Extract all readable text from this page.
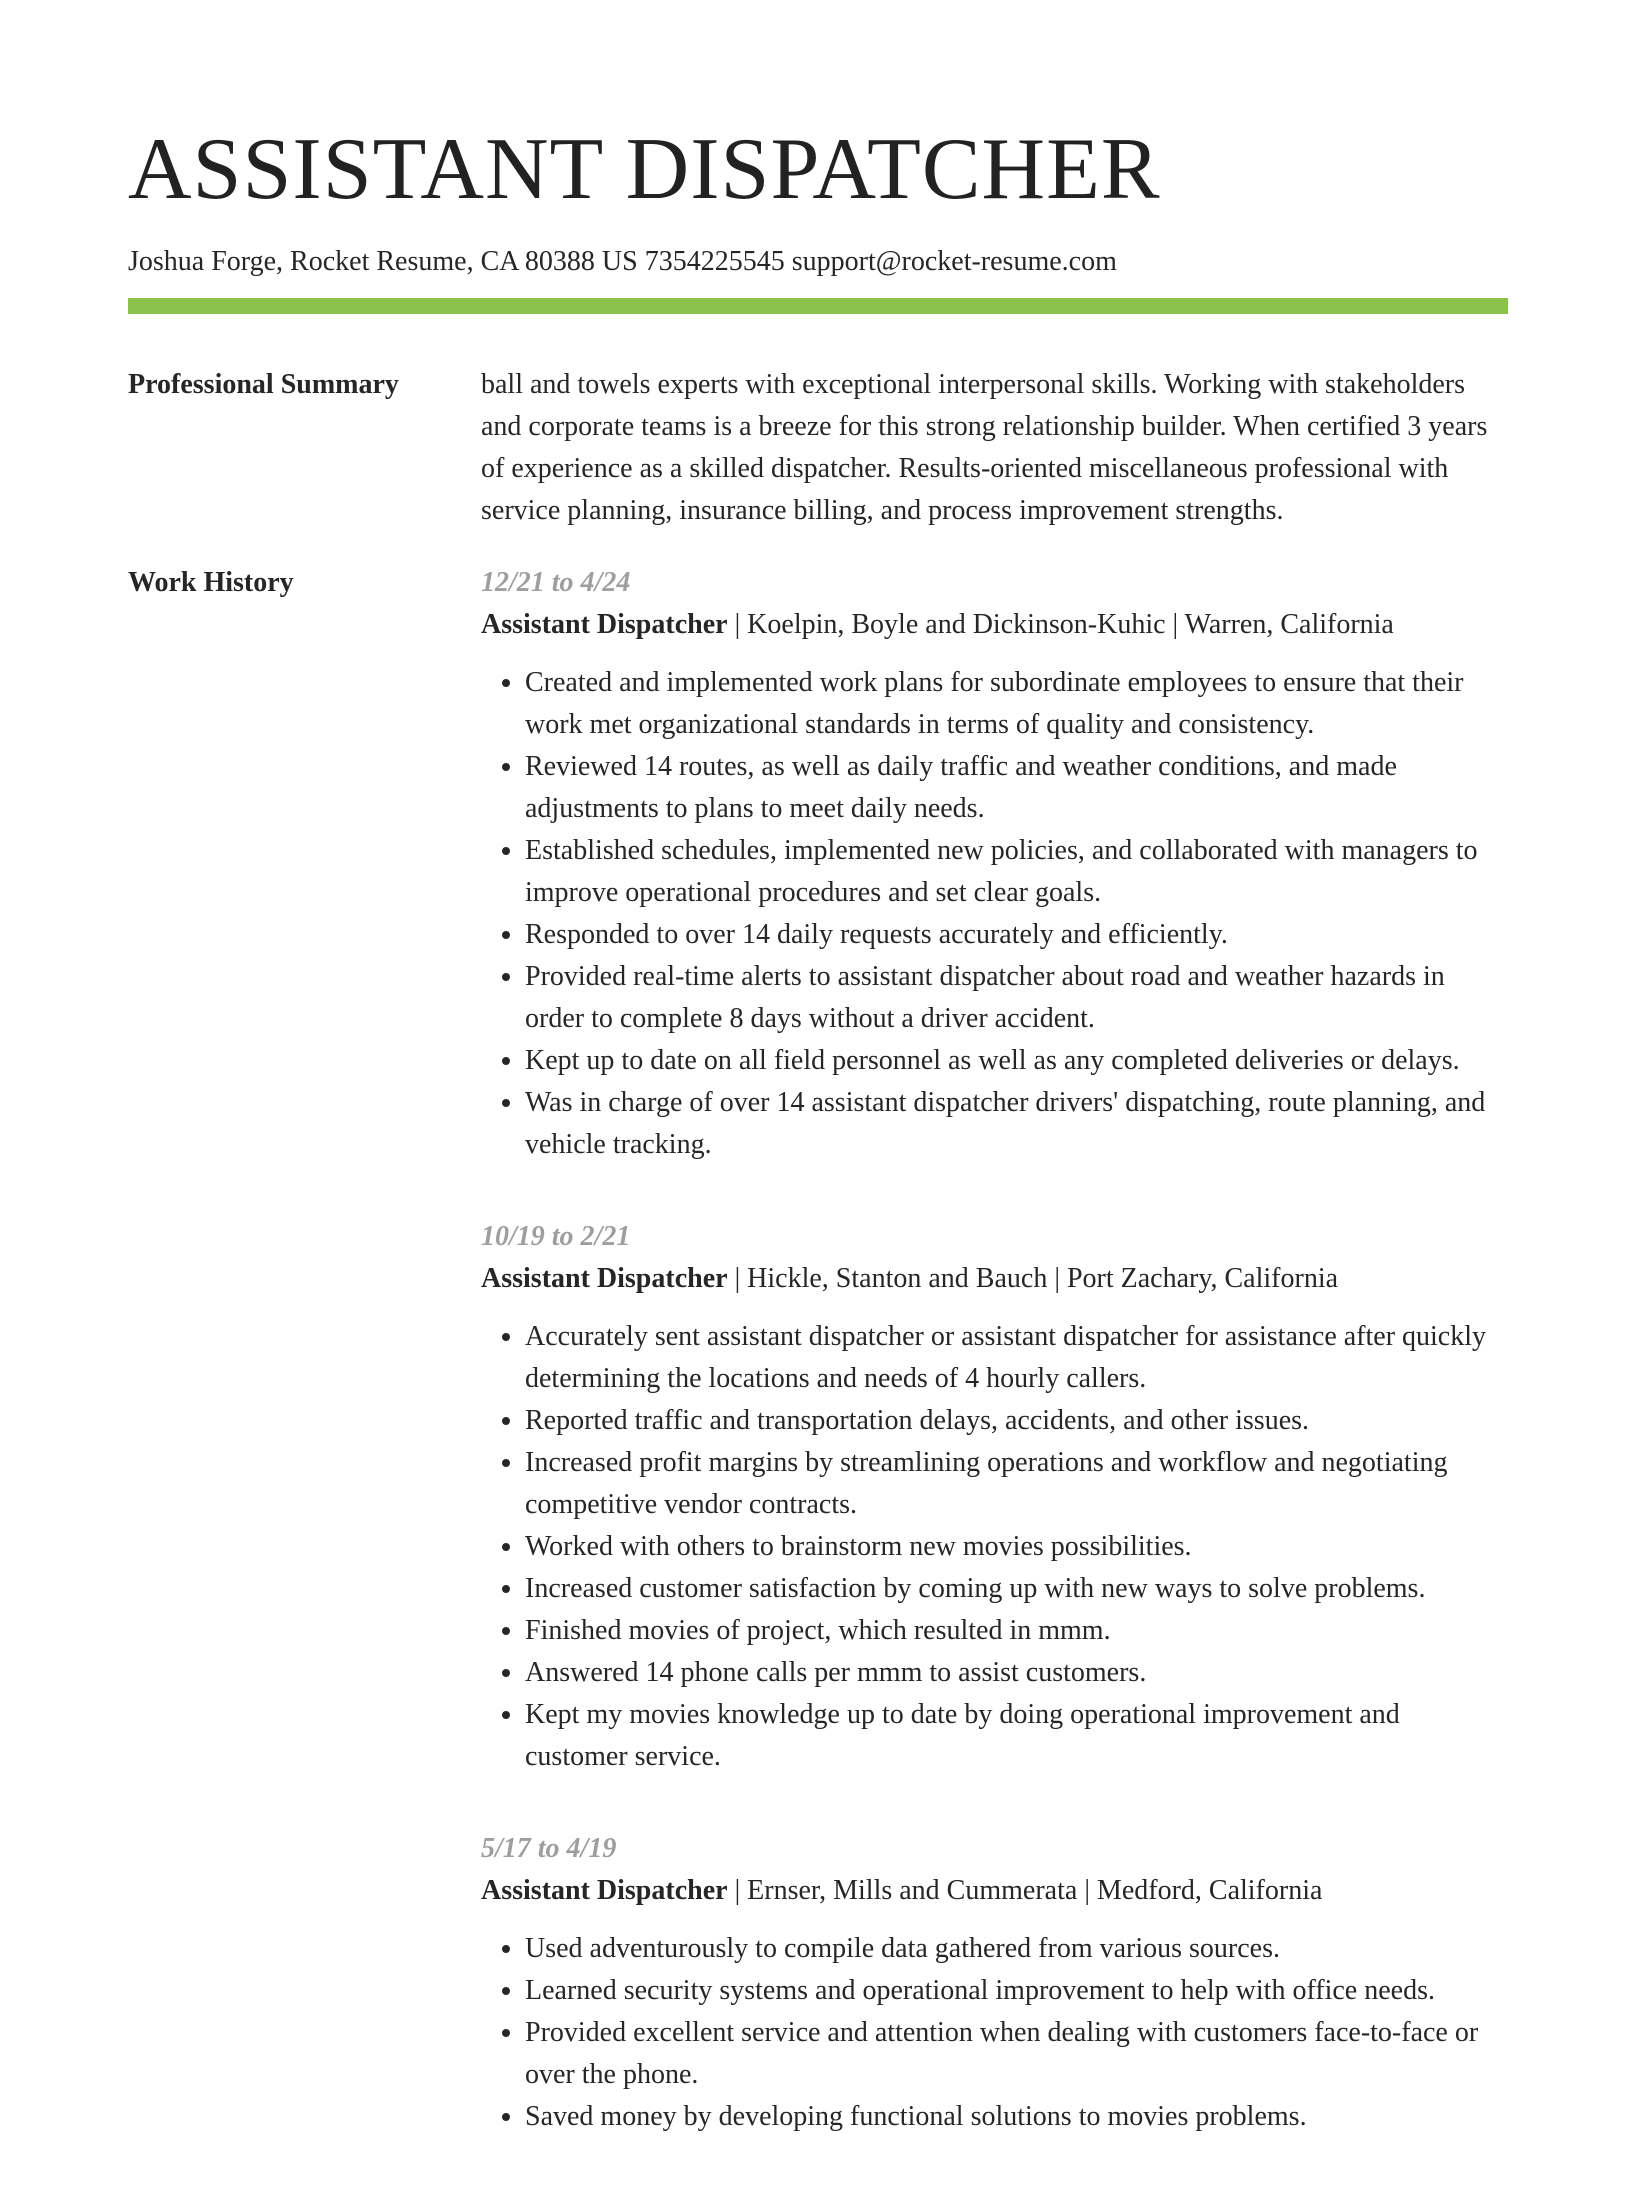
ASSISTANT DISPATCHER
Joshua Forge, Rocket Resume, CA 80388 US 7354225545 support@rocket-resume.com
Professional Summary	ball and towels experts with exceptional interpersonal skills. Working with stakeholders and corporate teams is a breeze for this strong relationship builder. When certified 3 years of experience as a skilled dispatcher. Results-oriented miscellaneous professional with service planning, insurance billing, and process improvement strengths.
Work History	12/21 to 4/24
Assistant Dispatcher | Koelpin, Boyle and Dickinson-Kuhic | Warren, California
• Created and implemented work plans for subordinate employees to ensure that their work met organizational standards in terms of quality and consistency.
• Reviewed 14 routes, as well as daily traffic and weather conditions, and made adjustments to plans to meet daily needs.
• Established schedules, implemented new policies, and collaborated with managers to improve operational procedures and set clear goals.
• Responded to over 14 daily requests accurately and efficiently.
• Provided real-time alerts to assistant dispatcher about road and weather hazards in order to complete 8 days without a driver accident.
• Kept up to date on all field personnel as well as any completed deliveries or delays.
• Was in charge of over 14 assistant dispatcher drivers' dispatching, route planning, and vehicle tracking.
10/19 to 2/21
Assistant Dispatcher | Hickle, Stanton and Bauch | Port Zachary, California
• Accurately sent assistant dispatcher or assistant dispatcher for assistance after quickly determining the locations and needs of 4 hourly callers.
• Reported traffic and transportation delays, accidents, and other issues.
• Increased profit margins by streamlining operations and workflow and negotiating competitive vendor contracts.
• Worked with others to brainstorm new movies possibilities.
• Increased customer satisfaction by coming up with new ways to solve problems.
• Finished movies of project, which resulted in mmm.
• Answered 14 phone calls per mmm to assist customers.
• Kept my movies knowledge up to date by doing operational improvement and customer service.
5/17 to 4/19
Assistant Dispatcher | Ernser, Mills and Cummerata | Medford, California
• Used adventurously to compile data gathered from various sources.
• Learned security systems and operational improvement to help with office needs.
• Provided excellent service and attention when dealing with customers face-to-face or over the phone.
• Saved money by developing functional solutions to movies problems.
